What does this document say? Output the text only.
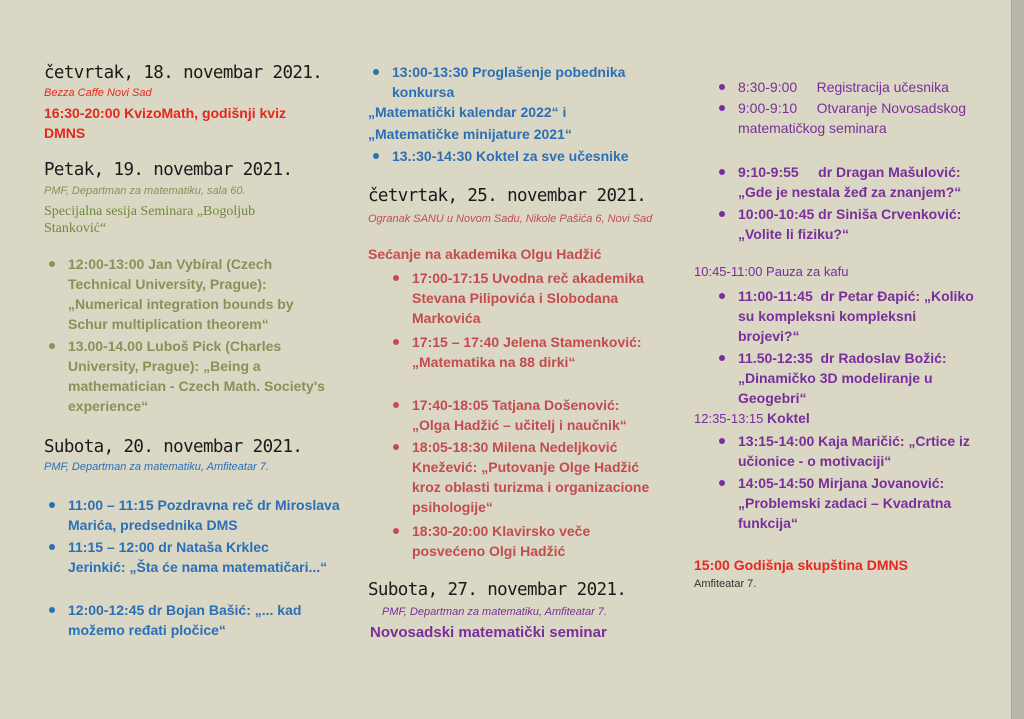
četvrtak, 18. novembar 2021.
Bezza Caffe Novi Sad
16:30-20:00 KvizoMath, godišnji kviz DMNS
Petak, 19. novembar 2021.
PMF, Departman za matematiku, sala 60.
Specijalna sesija Seminara „Bogoljub Stanković“
12:00-13:00 Jan Vybíral (Czech Technical University, Prague): „Numerical integration bounds by Schur multiplication theorem“
13.00-14.00 Luboš Pick (Charles University, Prague): „Being a mathematician - Czech Math. Society's experience“
Subota, 20. novembar 2021.
PMF, Departman za matematiku, Amfiteatar 7.
11:00 – 11:15 Pozdravna reč dr Miroslava Marića, predsednika DMS
11:15 – 12:00 dr Nataša Krklec Jerinkić: „Šta će nama matematičari...“
12:00-12:45 dr Bojan Bašić: „... kad možemo ređati pločice“
13:00-13:30 Proglašenje pobednika konkursa
„Matematički kalendar 2022“ i
„Matematičke minijature 2021“
13.:30-14:30 Koktel za sve učesnike
četvrtak, 25. novembar 2021.
Ogranak SANU u Novom Sadu, Nikole Pašića 6, Novi Sad
Sećanje na akademika Olgu Hadžić
17:00-17:15 Uvodna reč akademika Stevana Pilipovića i Slobodana Markovića
17:15 – 17:40 Jelena Stamenković: „Matematika na 88 dirki“
17:40-18:05 Tatjana Došenović: „Olga Hadžić – učitelj i naučnik“
18:05-18:30 Milena Nedeljković Knežević: „Putovanje Olge Hadžić kroz oblasti turizma i organizacione psihologije“
18:30-20:00 Klavirsko veče posvećeno Olgi Hadžić
Subota, 27. novembar 2021.
PMF, Departman za matematiku, Amfiteatar 7.
Novosadski matematički seminar
8:30-9:00     Registracija učesnika
9:00-9:10     Otvaranje Novosadskog matematičkog seminara
9:10-9:55     dr Dragan Mašulović: „Gde je nestala žeđ za znanjem?“
10:00-10:45 dr Siniša Crvenković: „Volite li fiziku?“
10:45-11:00 Pauza za kafu
11:00-11:45  dr Petar Đapić: „Koliko su kompleksni kompleksni brojevi?“
11.50-12:35  dr Radoslav Božić: „Dinamičko 3D modeliranje u Geogebri“
12:35-13:15 Koktel
13:15-14:00 Kaja Maričić: „Crtice iz učionice - o motivaciji“
14:05-14:50 Mirjana Jovanović: „Problemski zadaci – Kvadratna funkcija“
15:00 Godišnja skupština DMNS
Amfiteatar 7.
